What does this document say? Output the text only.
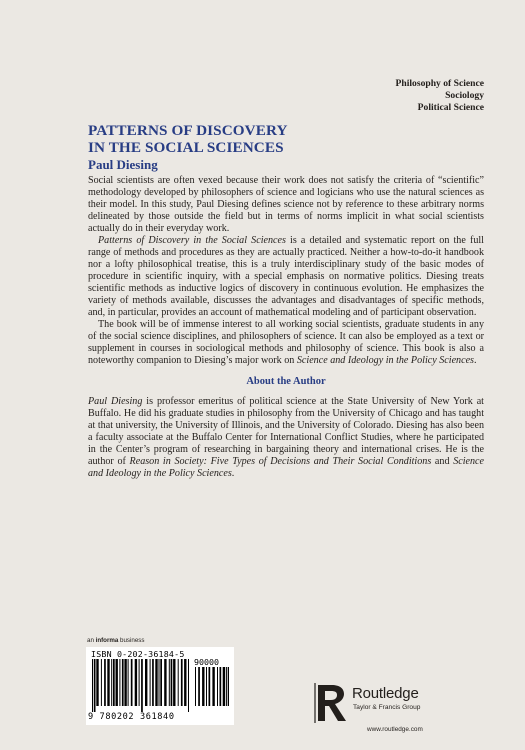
Philosophy of Science
Sociology
Political Science
PATTERNS OF DISCOVERY
IN THE SOCIAL SCIENCES
Paul Diesing

Social scientists are often vexed because their work does not satisfy the criteria of “scientific” methodology developed by philosophers of science and logicians who use the natural sciences as their model. In this study, Paul Diesing defines science not by reference to these arbitrary norms delineated by those outside the field but in terms of norms implicit in what social scientists actually do in their everyday work.

Patterns of Discovery in the Social Sciences is a detailed and systematic report on the full range of methods and procedures as they are actually practiced. Neither a how-to-do-it handbook nor a lofty philosophical treatise, this is a truly interdisciplinary study of the basic modes of procedure in scientific inquiry, with a special emphasis on normative politics. Diesing treats scientific methods as inductive logics of discovery in continuous evolution. He emphasizes the variety of methods available, discusses the advantages and disadvantages of specific methods, and, in particular, provides an account of mathematical modeling and of participant observation.

The book will be of immense interest to all working social scientists, graduate students in any of the social science disciplines, and philosophers of science. It can also be employed as a text or supplement in courses in sociological methods and philosophy of science. This book is also a noteworthy companion to Diesing’s major work on Science and Ideology in the Policy Sciences.

About the Author

Paul Diesing is professor emeritus of political science at the State University of New York at Buffalo. He did his graduate studies in philosophy from the University of Chicago and has taught at that university, the University of Illinois, and the University of Colorado. Diesing has also been a faculty associate at the Buffalo Center for International Conflict Studies, where he participated in the Center’s program of researching in bargaining theory and international crises. He is the author of Reason in Society: Five Types of Decisions and Their Social Conditions and Science and Ideology in the Policy Sciences.

an informa business
ISBN 0-202-36184-5
90000
9 780202 361840
Routledge
Taylor & Francis Group
www.routledge.com
